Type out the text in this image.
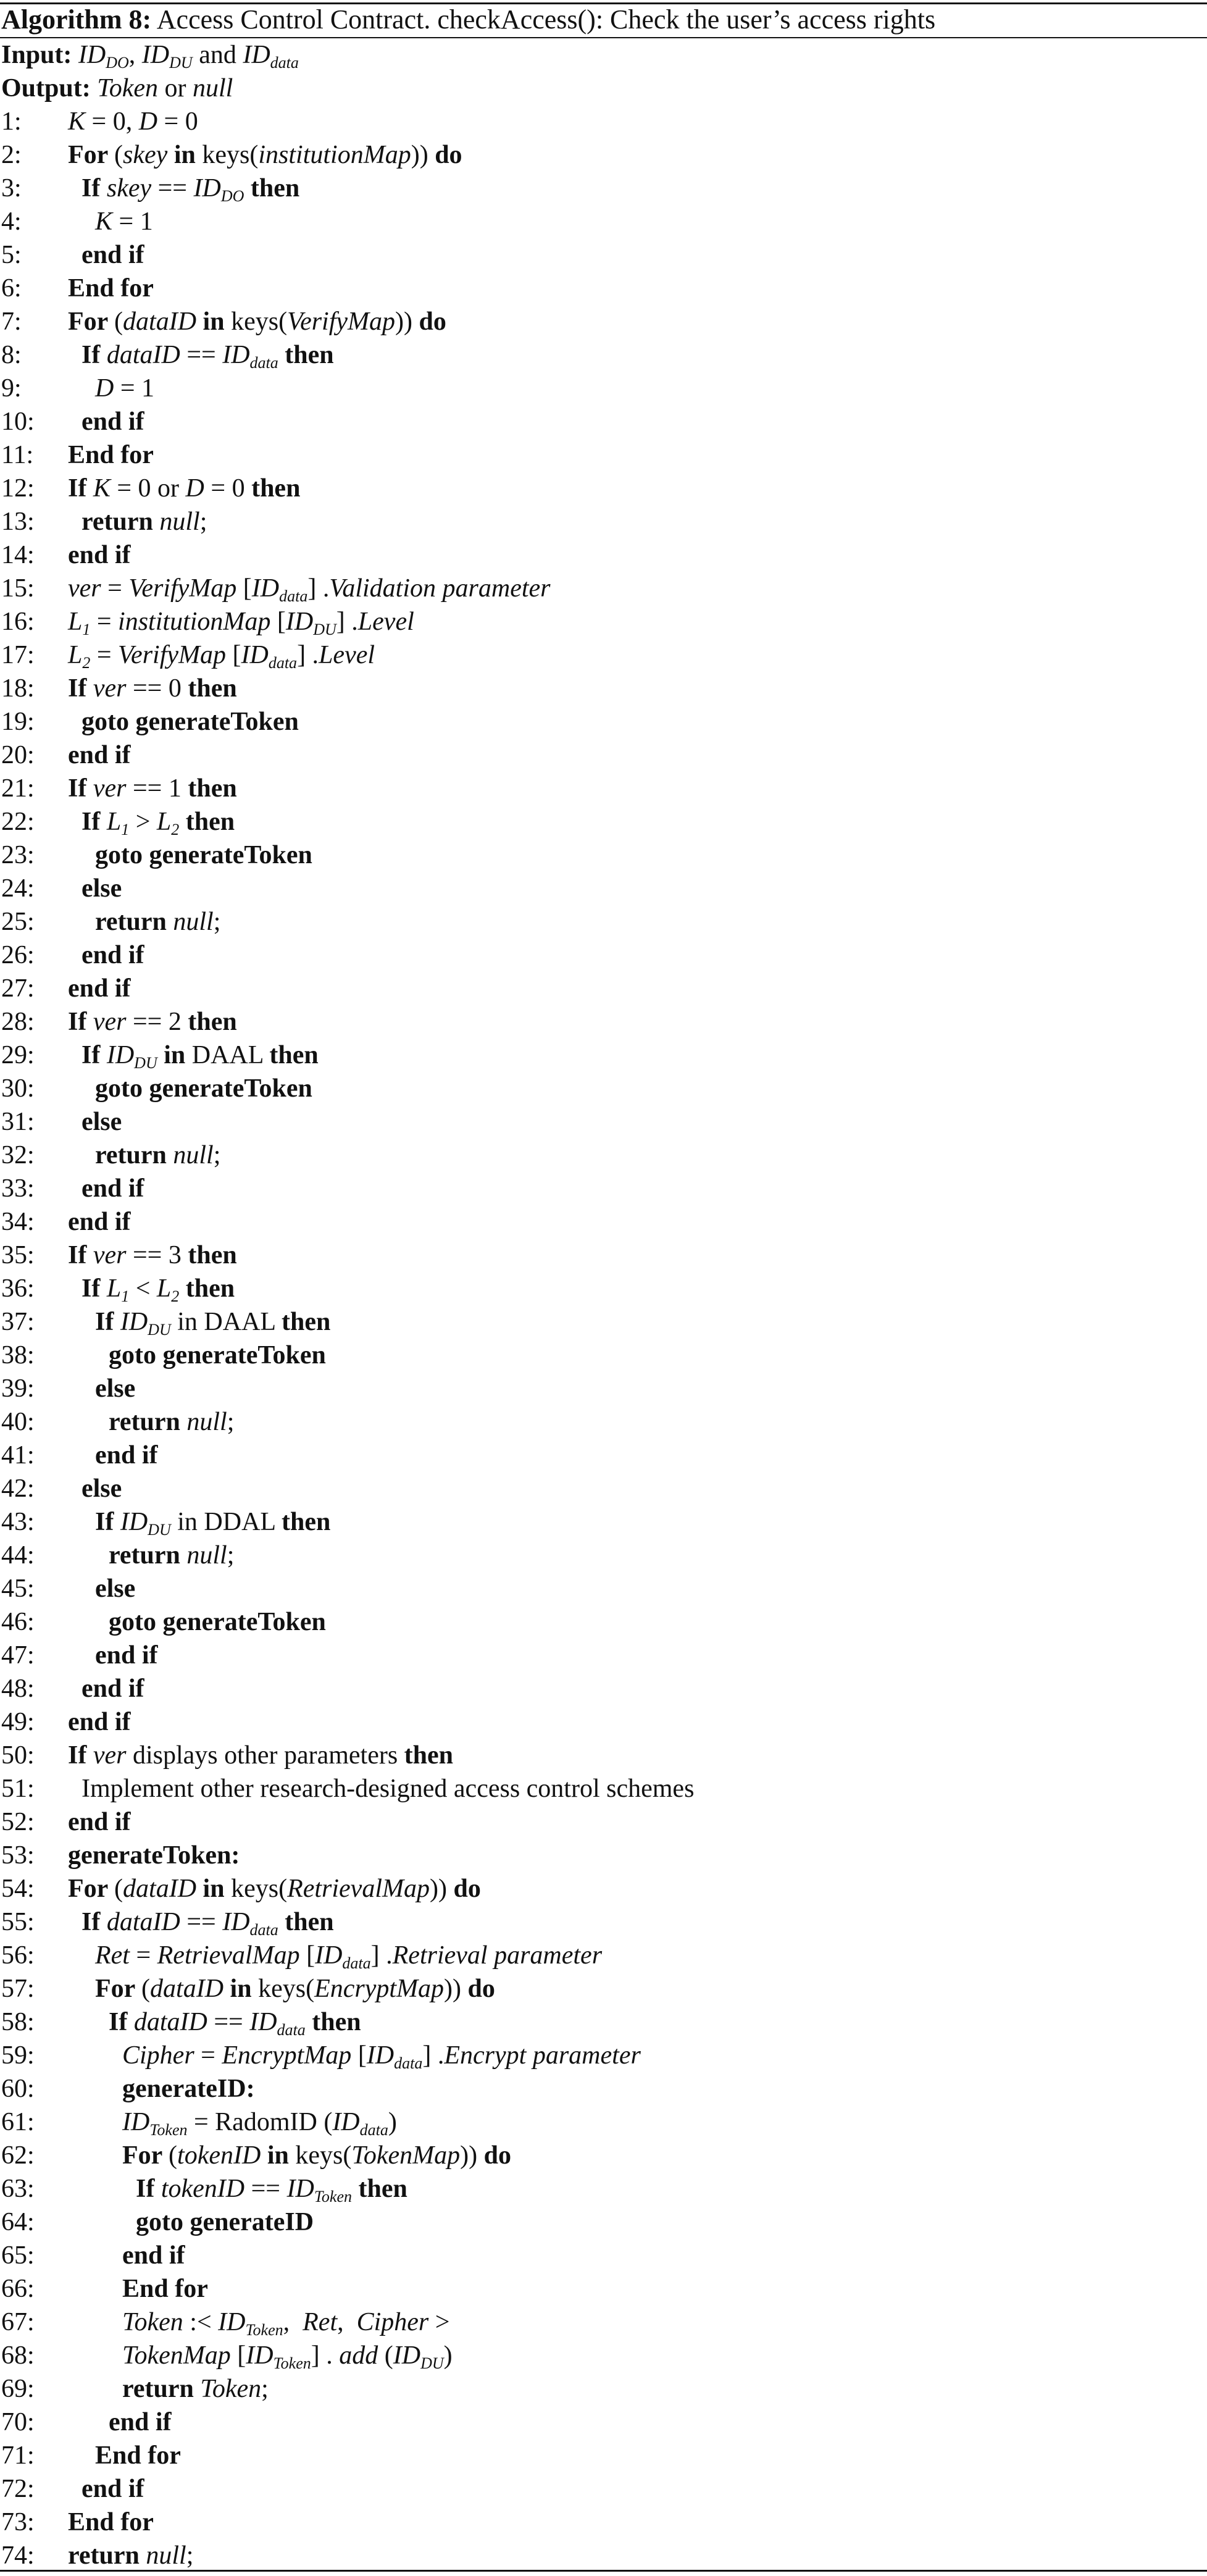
Algorithm 8: Access Control Contract. checkAccess(): Check the user’s access rights
Input: $ID_{DO}$, $ID_{DU}$ and $ID_{data}$
Output: Token or null
1: K = 0, D = 0
2: For (skey in keys(institutionMap)) do
3: If skey == $ID_{DO}$ then
4:	K = 1
5: end if
6: End for
7: For (dataID in keys(VerifyMap)) do
8: If dataID == $ID_{data}$ then
9:	D = 1
10: end if
11: End for
12: If K = 0 or D = 0 then
13: return null;
14: end if
15: ver = VerifyMap $[ID_{data}]$ .Validation parameter
16: $L_1$ = institutionMap $[ID_{DU}]$ .Level
17: $L_2$ = VerifyMap $[ID_{data}]$ .Level
18: If ver == 0 then
19: goto generateToken
20: end if
21: If ver == 1 then
22: If $L_1 > L_2$ then
23: goto generateToken
24: else
25: return null;
26: end if
27: end if
28: If ver == 2 then
29: If $ID_{DU}$ in DAAL then
30: goto generateToken
31: else
32: return null;
33: end if
34: end if
35: If ver == 3 then
36: If $L_1 < L_2$ then
37: If $ID_{DU}$ in DAAL then
38:	goto generateToken
39: else
40:	return null;
41: end if
42: else
43: If $ID_{DU}$ in DDAL then
44:	return null;
45: else
46:	goto generateToken
47: end if
48: end if
49: end if
50: If ver displays other parameters then
51: Implement other research-designed access control schemes
52: end if
53: generateToken:
54: For (dataID in keys(RetrievalMap)) do
55: If dataID == $ID_{data}$ then
56: Ret = RetrievalMap $[ID_{data}]$ .Retrieval parameter
57: For (dataID in keys(EncryptMap)) do
58:	If dataID == $ID_{data}$ then
59:	Cipher = EncryptMap $[ID_{data}]$ .Encrypt parameter
60:	generateID:
61:	$ID_{Token}$ = RadomID $(ID_{data})$
62:	For (tokenID in keys(TokenMap)) do
63:	If tokenID == $ID_{Token}$ then
64:	goto generateID
65:	end if
66:	End for
67:	Token :< $ID_{Token}$,  Ret,  Cipher >
68:	TokenMap $[ID_{Token}]$ . add $(ID_{DU})$
69:	return Token;
70:	end if
71: End for
72: end if
73: End for
74: return null;
